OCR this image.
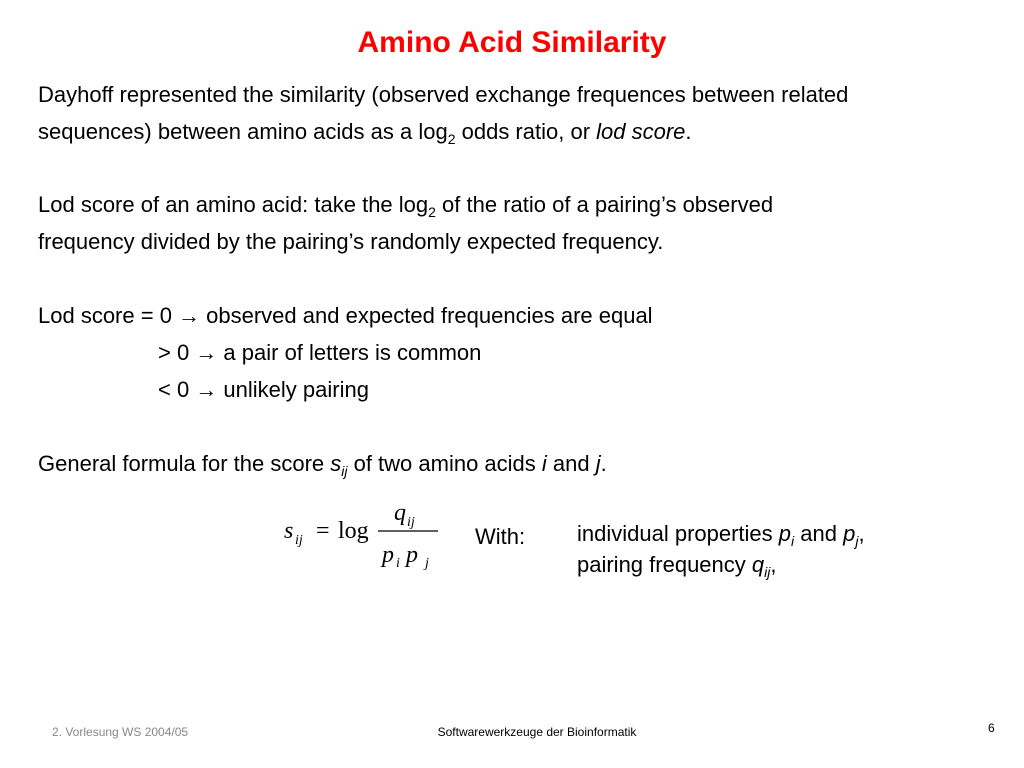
Amino Acid Similarity
Dayhoff represented the similarity (observed exchange frequences between related
sequences) between amino acids as a $\log_2$ odds ratio, or lod score.
Lod score of an amino acid: take the $\log_2$ of the ratio of a pairing’s observed
frequency divided by the pairing’s randomly expected frequency.
Lod score = 0 → observed and expected frequencies are equal
> 0 → a pair of letters is common
< 0 → unlikely pairing
General formula for the score $s_{ij}$ of two amino acids i and j.
s ij = log
q ij
p i p j
With: individual properties $p_i$ and $p_j$,
pairing frequency $q_{ij}$,
2. Vorlesung WS 2004/05	Softwarewerkzeuge der Bioinformatik	6
